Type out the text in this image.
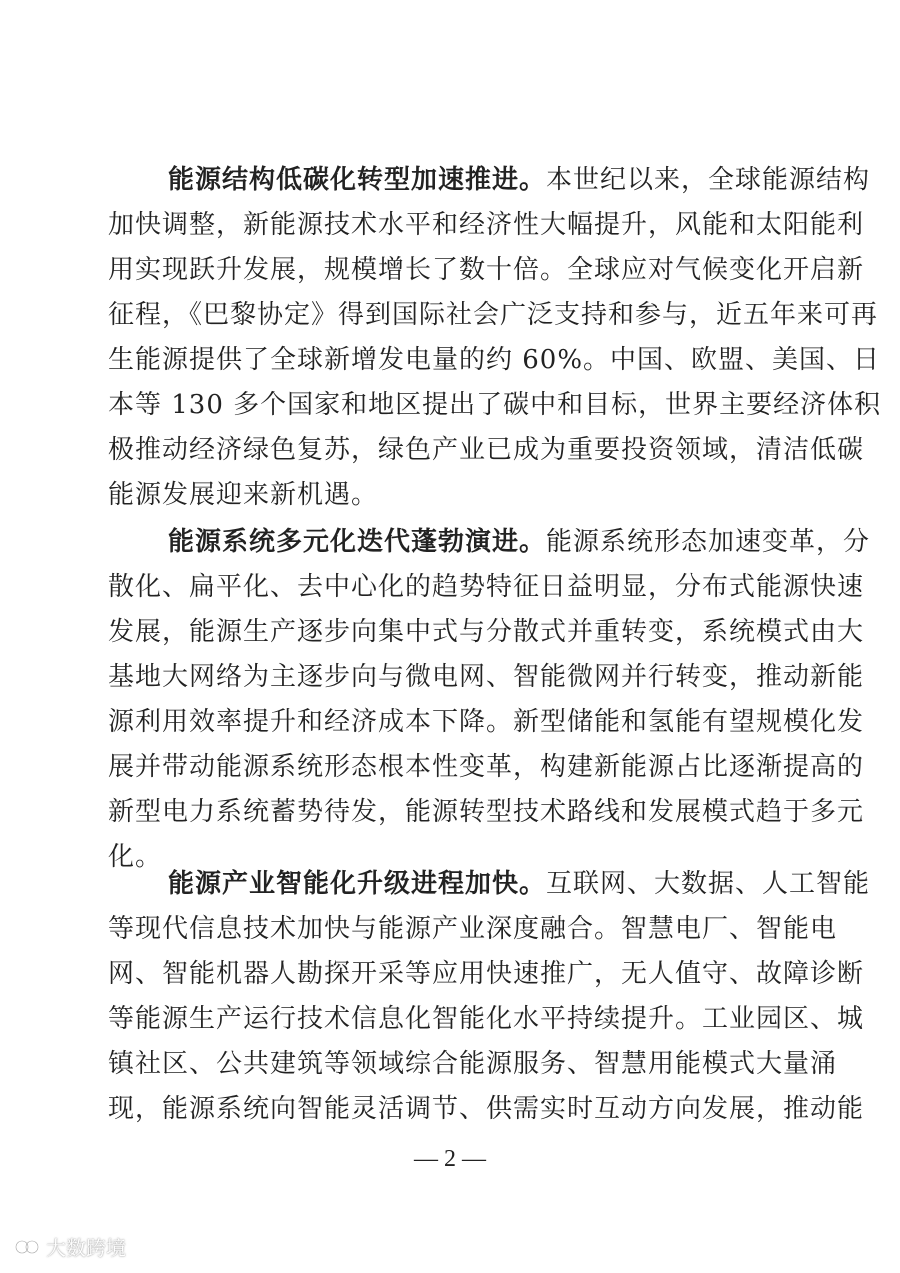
能源结构低碳化转型加速推进。本世纪以来，全球能源结构
加快调整，新能源技术水平和经济性大幅提升，风能和太阳能利
用实现跃升发展，规模增长了数十倍。全球应对气候变化开启新
征程，《巴黎协定》得到国际社会广泛支持和参与，近五年来可再
生能源提供了全球新增发电量的约 60%。中国、欧盟、美国、日
本等 130 多个国家和地区提出了碳中和目标，世界主要经济体积
极推动经济绿色复苏，绿色产业已成为重要投资领域，清洁低碳
能源发展迎来新机遇。
能源系统多元化迭代蓬勃演进。能源系统形态加速变革，分
散化、扁平化、去中心化的趋势特征日益明显，分布式能源快速
发展，能源生产逐步向集中式与分散式并重转变，系统模式由大
基地大网络为主逐步向与微电网、智能微网并行转变，推动新能
源利用效率提升和经济成本下降。新型储能和氢能有望规模化发
展并带动能源系统形态根本性变革，构建新能源占比逐渐提高的
新型电力系统蓄势待发，能源转型技术路线和发展模式趋于多元
化。
能源产业智能化升级进程加快。互联网、大数据、人工智能
等现代信息技术加快与能源产业深度融合。智慧电厂、智能电
网、智能机器人勘探开采等应用快速推广，无人值守、故障诊断
等能源生产运行技术信息化智能化水平持续提升。工业园区、城
镇社区、公共建筑等领域综合能源服务、智慧用能模式大量涌
现，能源系统向智能灵活调节、供需实时互动方向发展，推动能
— 2 —
大数跨境
